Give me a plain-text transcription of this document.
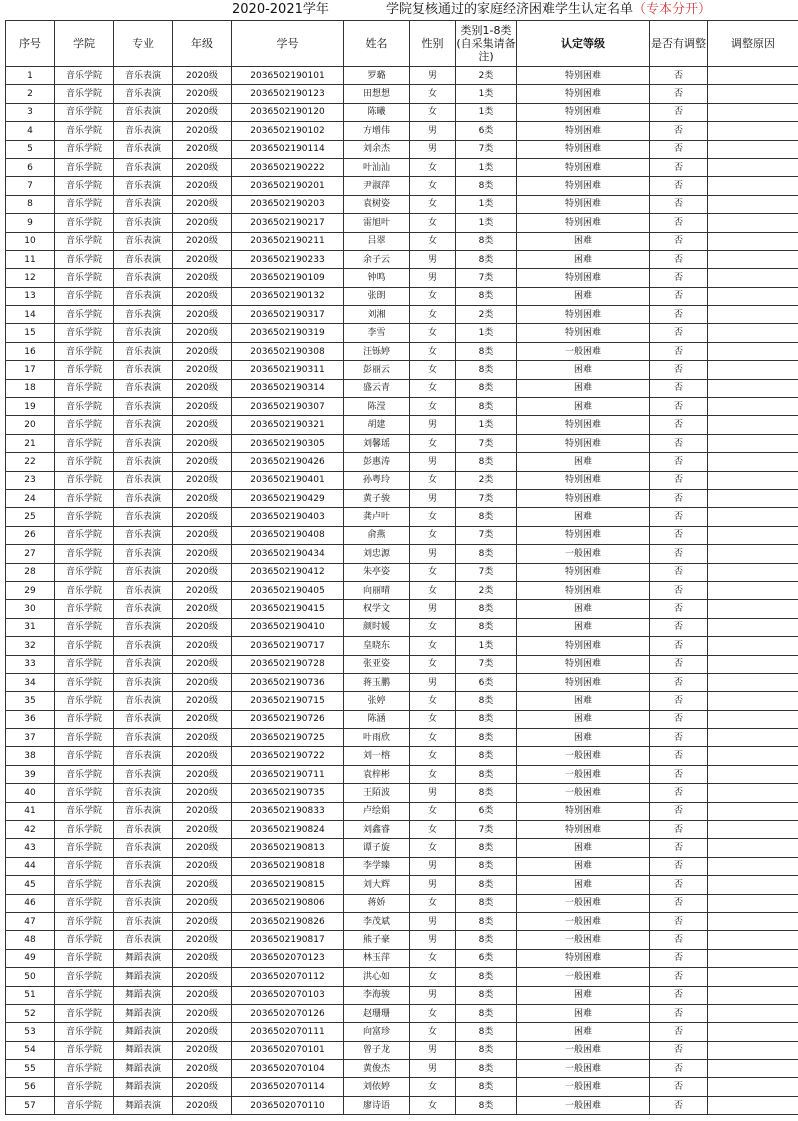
2020-2021学年	学院复核通过的家庭经济困难学生认定名单（专本分开）
序号	学院	专业	年级	学号	姓名	性别	类别1-8类(自采集请备注)	认定等级	是否有调整	调整原因
1	音乐学院	音乐表演	2020级	2036502190101	罗璐	男	2类	特别困难	否	
2	音乐学院	音乐表演	2020级	2036502190123	田想想	女	1类	特别困难	否	
3	音乐学院	音乐表演	2020级	2036502190120	陈曦	女	1类	特别困难	否	
4	音乐学院	音乐表演	2020级	2036502190102	方增伟	男	6类	特别困难	否	
5	音乐学院	音乐表演	2020级	2036502190114	刘余杰	男	7类	特别困难	否	
6	音乐学院	音乐表演	2020级	2036502190222	叶汕汕	女	1类	特别困难	否	
7	音乐学院	音乐表演	2020级	2036502190201	尹淑萍	女	8类	特别困难	否	
8	音乐学院	音乐表演	2020级	2036502190203	袁树姿	女	1类	特别困难	否	
9	音乐学院	音乐表演	2020级	2036502190217	雷旭叶	女	1类	特别困难	否	
10	音乐学院	音乐表演	2020级	2036502190211	吕翠	女	8类	困难	否	
11	音乐学院	音乐表演	2020级	2036502190233	余子云	男	8类	困难	否	
12	音乐学院	音乐表演	2020级	2036502190109	钟鸣	男	7类	特别困难	否	
13	音乐学院	音乐表演	2020级	2036502190132	张朗	女	8类	困难	否	
14	音乐学院	音乐表演	2020级	2036502190317	刘湘	女	2类	特别困难	否	
15	音乐学院	音乐表演	2020级	2036502190319	李雪	女	1类	特别困难	否	
16	音乐学院	音乐表演	2020级	2036502190308	汪铄婷	女	8类	一般困难	否	
17	音乐学院	音乐表演	2020级	2036502190311	彭丽云	女	8类	困难	否	
18	音乐学院	音乐表演	2020级	2036502190314	盛云青	女	8类	困难	否	
19	音乐学院	音乐表演	2020级	2036502190307	陈滢	女	8类	困难	否	
20	音乐学院	音乐表演	2020级	2036502190321	胡建	男	1类	特别困难	否	
21	音乐学院	音乐表演	2020级	2036502190305	刘馨瑶	女	7类	特别困难	否	
22	音乐学院	音乐表演	2020级	2036502190426	彭惠涛	男	8类	困难	否	
23	音乐学院	音乐表演	2020级	2036502190401	孙粤玲	女	2类	特别困难	否	
24	音乐学院	音乐表演	2020级	2036502190429	黄子骏	男	7类	特别困难	否	
25	音乐学院	音乐表演	2020级	2036502190403	龚卢叶	女	8类	困难	否	
26	音乐学院	音乐表演	2020级	2036502190408	俞燕	女	7类	特别困难	否	
27	音乐学院	音乐表演	2020级	2036502190434	刘忠源	男	8类	一般困难	否	
28	音乐学院	音乐表演	2020级	2036502190412	朱亭姿	女	7类	特别困难	否	
29	音乐学院	音乐表演	2020级	2036502190405	向丽晴	女	2类	特别困难	否	
30	音乐学院	音乐表演	2020级	2036502190415	权学文	男	8类	困难	否	
31	音乐学院	音乐表演	2020级	2036502190410	颜时媛	女	8类	困难	否	
32	音乐学院	音乐表演	2020级	2036502190717	皇晓东	女	1类	特别困难	否	
33	音乐学院	音乐表演	2020级	2036502190728	张亚姿	女	7类	特别困难	否	
34	音乐学院	音乐表演	2020级	2036502190736	蒋玉鹏	男	6类	特别困难	否	
35	音乐学院	音乐表演	2020级	2036502190715	张婷	女	8类	困难	否	
36	音乐学院	音乐表演	2020级	2036502190726	陈涵	女	8类	困难	否	
37	音乐学院	音乐表演	2020级	2036502190725	叶雨欣	女	8类	困难	否	
38	音乐学院	音乐表演	2020级	2036502190722	刘一榕	女	8类	一般困难	否	
39	音乐学院	音乐表演	2020级	2036502190711	袁梓彬	女	8类	一般困难	否	
40	音乐学院	音乐表演	2020级	2036502190735	王陌波	男	8类	一般困难	否	
41	音乐学院	音乐表演	2020级	2036502190833	卢绘娟	女	6类	特别困难	否	
42	音乐学院	音乐表演	2020级	2036502190824	刘鑫睿	女	7类	特别困难	否	
43	音乐学院	音乐表演	2020级	2036502190813	谭子旋	女	8类	困难	否	
44	音乐学院	音乐表演	2020级	2036502190818	李学臻	男	8类	困难	否	
45	音乐学院	音乐表演	2020级	2036502190815	刘大辉	男	8类	困难	否	
46	音乐学院	音乐表演	2020级	2036502190806	蒋娇	女	8类	一般困难	否	
47	音乐学院	音乐表演	2020级	2036502190826	李茂斌	男	8类	一般困难	否	
48	音乐学院	音乐表演	2020级	2036502190817	熊子豪	男	8类	一般困难	否	
49	音乐学院	舞蹈表演	2020级	2036502070123	林玉萍	女	6类	特别困难	否	
50	音乐学院	舞蹈表演	2020级	2036502070112	洪心如	女	8类	一般困难	否	
51	音乐学院	舞蹈表演	2020级	2036502070103	李海骏	男	8类	困难	否	
52	音乐学院	舞蹈表演	2020级	2036502070126	赵珊珊	女	8类	困难	否	
53	音乐学院	舞蹈表演	2020级	2036502070111	向富珍	女	8类	困难	否	
54	音乐学院	舞蹈表演	2020级	2036502070101	曾子龙	男	8类	一般困难	否	
55	音乐学院	舞蹈表演	2020级	2036502070104	黄俊杰	男	8类	一般困难	否	
56	音乐学院	舞蹈表演	2020级	2036502070114	刘依婷	女	8类	一般困难	否	
57	音乐学院	舞蹈表演	2020级	2036502070110	廖诗语	女	8类	一般困难	否	
